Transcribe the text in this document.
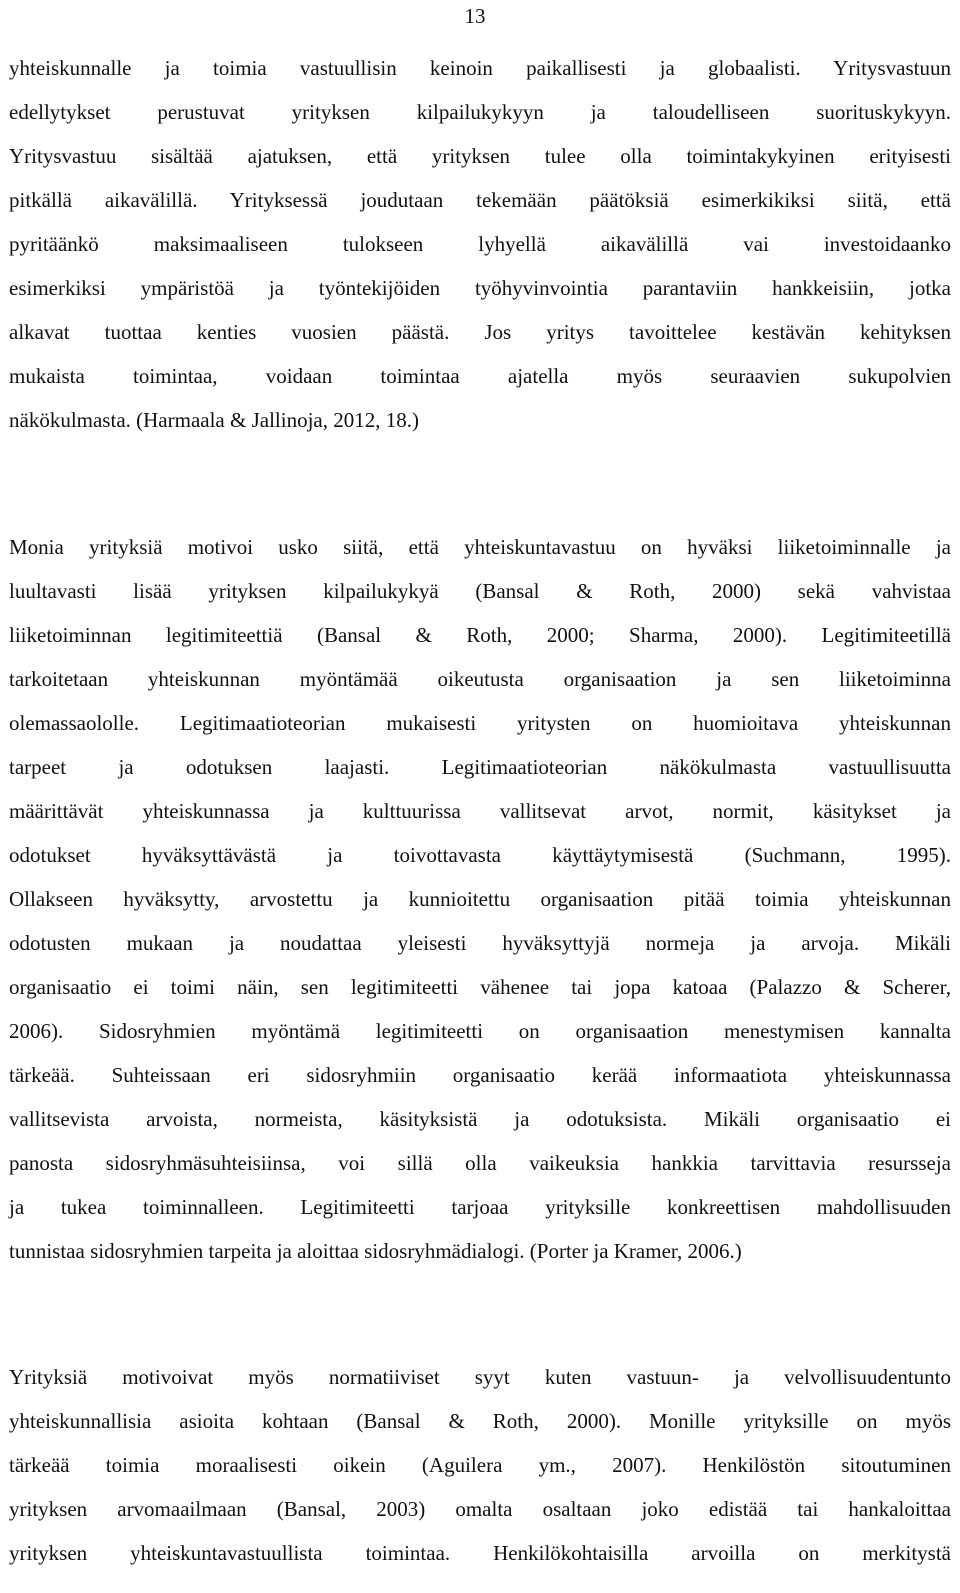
13
yhteiskunnalle ja toimia vastuullisin keinoin paikallisesti ja globaalisti. Yritysvastuun
edellytykset perustuvat yrityksen kilpailukykyyn ja taloudelliseen suorituskykyyn.
Yritysvastuu sisältää ajatuksen, että yrityksen tulee olla toimintakykyinen erityisesti
pitkällä aikavälillä. Yrityksessä joudutaan tekemään päätöksiä esimerkikiksi siitä, että
pyritäänkö maksimaaliseen tulokseen lyhyellä aikavälillä vai investoidaanko
esimerkiksi ympäristöä ja työntekijöiden työhyvinvointia parantaviin hankkeisiin, jotka
alkavat tuottaa kenties vuosien päästä. Jos yritys tavoittelee kestävän kehityksen
mukaista toimintaa, voidaan toimintaa ajatella myös seuraavien sukupolvien
näkökulmasta. (Harmaala & Jallinoja, 2012, 18.)
Monia yrityksiä motivoi usko siitä, että yhteiskuntavastuu on hyväksi liiketoiminnalle ja
luultavasti lisää yrityksen kilpailukykyä (Bansal & Roth, 2000) sekä vahvistaa
liiketoiminnan legitimiteettiä (Bansal & Roth, 2000; Sharma, 2000). Legitimiteetillä
tarkoitetaan yhteiskunnan myöntämää oikeutusta organisaation ja sen liiketoiminna
olemassaololle. Legitimaatioteorian mukaisesti yritysten on huomioitava yhteiskunnan
tarpeet ja odotuksen laajasti. Legitimaatioteorian näkökulmasta vastuullisuutta
määrittävät yhteiskunnassa ja kulttuurissa vallitsevat arvot, normit, käsitykset ja
odotukset hyväksyttävästä ja toivottavasta käyttäytymisestä (Suchmann, 1995).
Ollakseen hyväksytty, arvostettu ja kunnioitettu organisaation pitää toimia yhteiskunnan
odotusten mukaan ja noudattaa yleisesti hyväksyttyjä normeja ja arvoja. Mikäli
organisaatio ei toimi näin, sen legitimiteetti vähenee tai jopa katoaa (Palazzo & Scherer,
2006). Sidosryhmien myöntämä legitimiteetti on organisaation menestymisen kannalta
tärkeää. Suhteissaan eri sidosryhmiin organisaatio kerää informaatiota yhteiskunnassa
vallitsevista arvoista, normeista, käsityksistä ja odotuksista. Mikäli organisaatio ei
panosta sidosryhmäsuhteisiinsa, voi sillä olla vaikeuksia hankkia tarvittavia resursseja
ja tukea toiminnalleen. Legitimiteetti tarjoaa yrityksille konkreettisen mahdollisuuden
tunnistaa sidosryhmien tarpeita ja aloittaa sidosryhmädialogi. (Porter ja Kramer, 2006.)
Yrityksiä motivoivat myös normatiiviset syyt kuten vastuun- ja velvollisuudentunto
yhteiskunnallisia asioita kohtaan (Bansal & Roth, 2000). Monille yrityksille on myös
tärkeää toimia moraalisesti oikein (Aguilera ym., 2007). Henkilöstön sitoutuminen
yrityksen arvomaailmaan (Bansal, 2003) omalta osaltaan joko edistää tai hankaloittaa
yrityksen yhteiskuntavastuullista toimintaa. Henkilökohtaisilla arvoilla on merkitystä
